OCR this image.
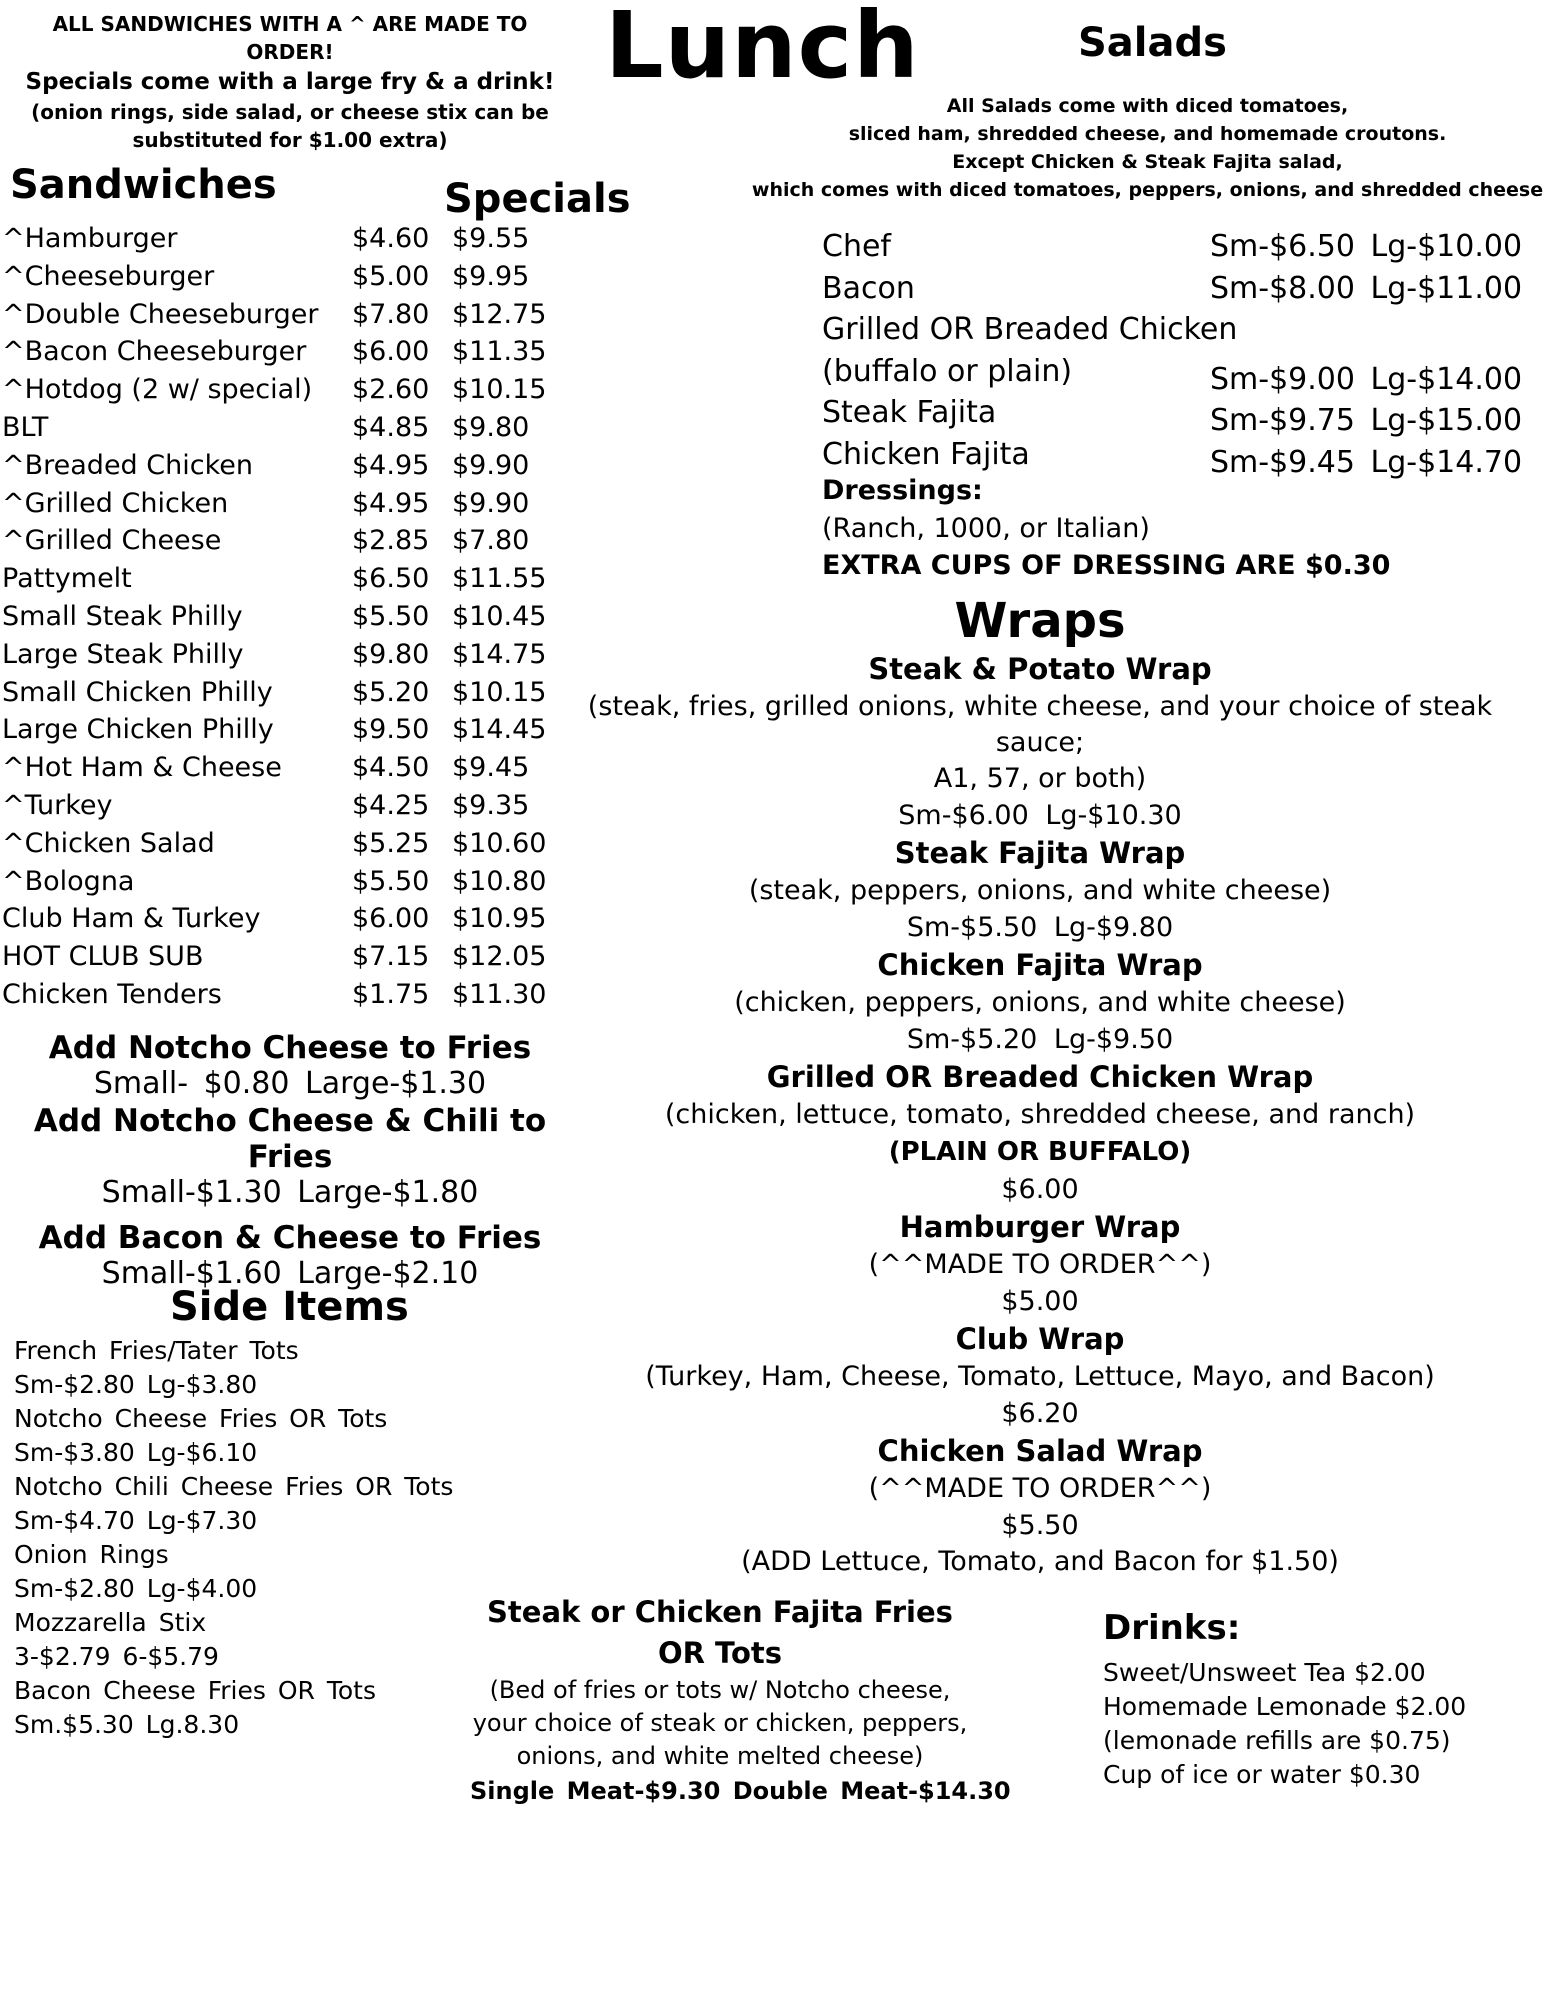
ALL SANDWICHES WITH A ^ ARE MADE TO
ORDER!
Specials come with a large fry & a drink!
(onion rings, side salad, or cheese stix can be
substituted for $1.00 extra)
Lunch
Sandwiches	Specials
^Hamburger	$4.60 $9.55
^Cheeseburger	$5.00 $9.95
^Double Cheeseburger $7.80 $12.75
^Bacon Cheeseburger $6.00 $11.35
^Hotdog (2 w/ special) $2.60 $10.15
BLT	$4.85 $9.80
^Breaded Chicken	$4.95 $9.90
^Grilled Chicken	$4.95 $9.90
^Grilled Cheese	$2.85 $7.80
Pattymelt	$6.50 $11.55
Small Steak Philly	$5.50 $10.45
Large Steak Philly	$9.80 $14.75
Small Chicken Philly	$5.20 $10.15
Large Chicken Philly	$9.50 $14.45
^Hot Ham & Cheese	$4.50 $9.45
^Turkey	$4.25 $9.35
^Chicken Salad	$5.25 $10.60
^Bologna	$5.50 $10.80
Club Ham & Turkey	$6.00 $10.95
HOT CLUB SUB	$7.15 $12.05
Chicken Tenders	$1.75 $11.30
Add Notcho Cheese to Fries
Small- $0.80 Large-$1.30
Add Notcho Cheese & Chili to Fries
Small-$1.30 Large-$1.80
Add Bacon & Cheese to Fries
Small-$1.60 Large-$2.10
Side Items
French Fries/Tater Tots
Sm-$2.80 Lg-$3.80
Notcho Cheese Fries OR Tots
Sm-$3.80 Lg-$6.10
Notcho Chili Cheese Fries OR Tots
Sm-$4.70 Lg-$7.30
Onion Rings
Sm-$2.80 Lg-$4.00
Mozzarella Stix
3-$2.79 6-$5.79
Bacon Cheese Fries OR Tots
Sm.$5.30 Lg.8.30
Salads
All Salads come with diced tomatoes,
sliced ham, shredded cheese, and homemade croutons.
Except Chicken & Steak Fajita salad,
which comes with diced tomatoes, peppers, onions, and shredded cheese
Chef	Sm-$6.50 Lg-$10.00
Bacon	Sm-$8.00 Lg-$11.00
Grilled OR Breaded Chicken
(buffalo or plain)	Sm-$9.00 Lg-$14.00
Steak Fajita	Sm-$9.75 Lg-$15.00
Chicken Fajita	Sm-$9.45 Lg-$14.70
Dressings:
(Ranch, 1000, or Italian)
EXTRA CUPS OF DRESSING ARE $0.30
Wraps
Steak & Potato Wrap
(steak, fries, grilled onions, white cheese, and your choice of steak sauce;
A1, 57, or both)
Sm-$6.00 Lg-$10.30
Steak Fajita Wrap
(steak, peppers, onions, and white cheese)
Sm-$5.50 Lg-$9.80
Chicken Fajita Wrap
(chicken, peppers, onions, and white cheese)
Sm-$5.20 Lg-$9.50
Grilled OR Breaded Chicken Wrap
(chicken, lettuce, tomato, shredded cheese, and ranch)
(PLAIN OR BUFFALO)
$6.00
Hamburger Wrap
(^^MADE TO ORDER^^)
$5.00
Club Wrap
(Turkey, Ham, Cheese, Tomato, Lettuce, Mayo, and Bacon)
$6.20
Chicken Salad Wrap
(^^MADE TO ORDER^^)
$5.50
(ADD Lettuce, Tomato, and Bacon for $1.50)
Steak or Chicken Fajita Fries
OR Tots
(Bed of fries or tots w/ Notcho cheese,
your choice of steak or chicken, peppers,
onions, and white melted cheese)
Single Meat-$9.30 Double Meat-$14.30
Drinks:
Sweet/Unsweet Tea $2.00
Homemade Lemonade $2.00
(lemonade refills are $0.75)
Cup of ice or water $0.30
